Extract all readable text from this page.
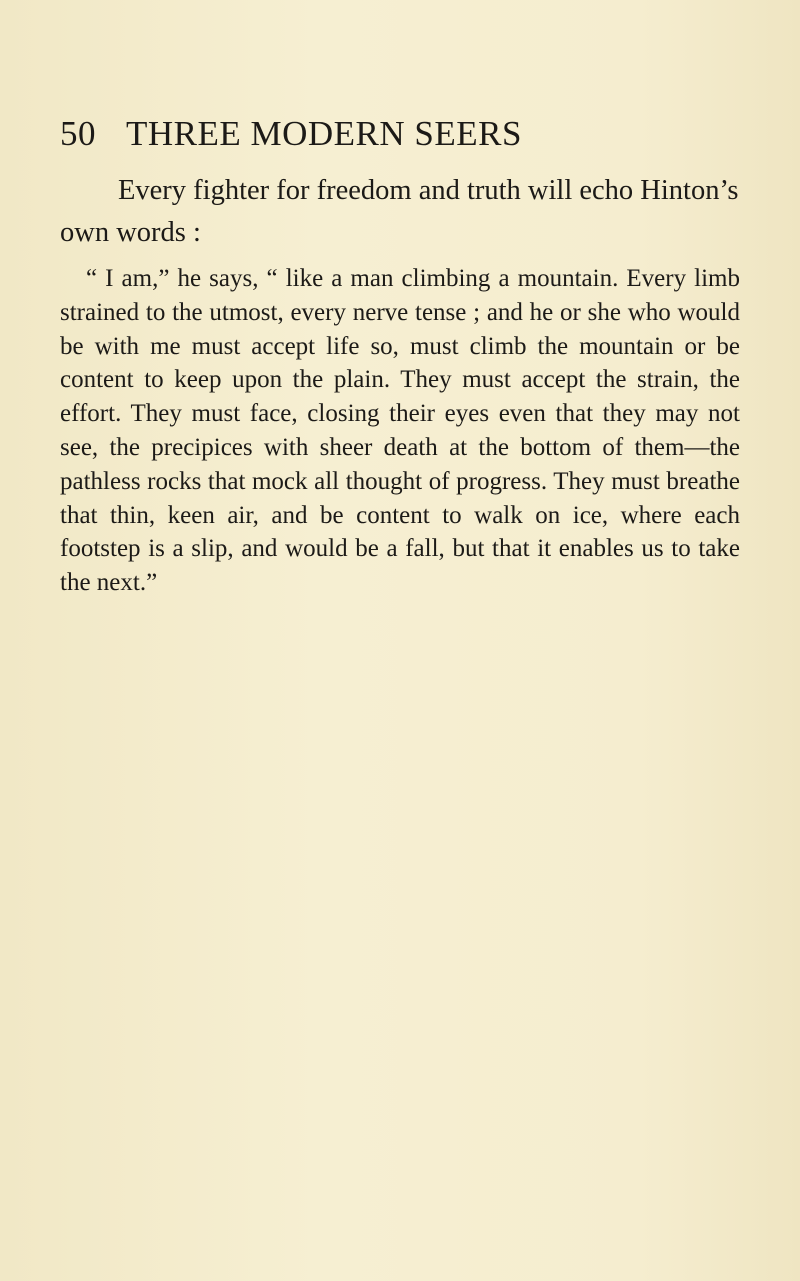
50 THREE MODERN SEERS

Every fighter for freedom and truth will echo Hinton’s own words :

“ I am,” he says, “ like a man climbing a mountain. Every limb strained to the utmost, every nerve tense ; and he or she who would be with me must accept life so, must climb the mountain or be content to keep upon the plain. They must accept the strain, the effort. They must face, closing their eyes even that they may not see, the precipices with sheer death at the bottom of them—the pathless rocks that mock all thought of progress. They must breathe that thin, keen air, and be content to walk on ice, where each footstep is a slip, and would be a fall, but that it enables us to take the next.”
